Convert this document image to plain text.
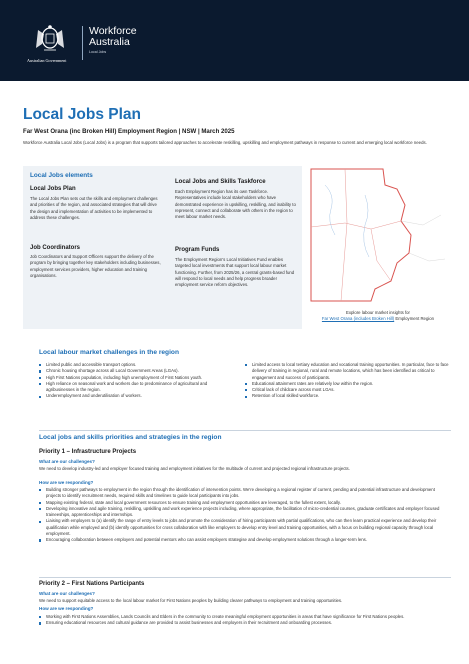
Australian Government
Workforce
Australia
Local Jobs
Local Jobs Plan
Far West Orana (inc Broken Hill) Employment Region | NSW | March 2025
Workforce Australia Local Jobs (Local Jobs) is a program that supports tailored approaches to accelerate reskilling, upskilling and employment pathways in response to current and emerging local workforce needs.
Local Jobs elements
Local Jobs Plan
The Local Jobs Plan sets out the skills and employment challenges and priorities of the region, and associated strategies that will drive the design and implementation of activities to be implemented to address these challenges.
Job Coordinators
Job Coordinators and Support Officers support the delivery of the program by bringing together key stakeholders including businesses, employment services providers, higher education and training organisations.
Local Jobs and Skills Taskforce
Each Employment Region has its own Taskforce. Representatives include local stakeholders who have demonstrated experience in upskilling, reskilling, and inability to represent, connect and collaborate with others in the region to meet labour market needs.
Program Funds
The Employment Region's Local Initiatives Fund enables targeted local investments that support local labour market functioning. Further, from 2025/26, a central grants-based fund will respond to local needs and help progress broader employment service reform objectives.
Explore labour market insights for
Far West Orana (includes Broken Hill) Employment Region
Local labour market challenges in the region
Limited public and accessible transport options.
Chronic housing shortage across all Local Government Areas (LGAs).
High First Nations population, including high unemployment of First Nations youth.
High reliance on seasonal work and workers due to predominance of agricultural and agribusinesses in the region.
Underemployment and underutilisation of workers.
Limited access to local tertiary education and vocational training opportunities. In particular, face to face delivery of training in regional, rural and remote locations, which has been identified as critical to engagement and success of participants.
Educational attainment rates are relatively low within the region.
Critical lack of childcare across most LGAs.
Retention of local skilled workforce.
Local jobs and skills priorities and strategies in the region
Priority 1 – Infrastructure Projects
What are our challenges?
We need to develop industry-led and employer focused training and employment initiatives for the multitude of current and projected regional infrastructure projects.
How are we responding?
Building stronger pathways to employment in the region through the identification of intervention points. We're developing a regional register of current, pending and potential infrastructure and development projects to identify recruitment needs, required skills and timelines to guide local participants into jobs.
Mapping existing federal, state and local government resources to ensure training and employment opportunities are leveraged, to the fullest extent, locally.
Developing innovative and agile training, reskilling, upskilling and work experience projects including, where appropriate, the facilitation of micro-credential courses, graduate certificates and employer focused traineeships, apprenticeships and internships.
Liaising with employers to (a) identify the range of entry levels to jobs and promote the consideration of hiring participants with partial qualifications, who can then learn practical experience and develop their qualification while employed and (b) identify opportunities for cross collaboration with like employers to develop entry level and training opportunities, with a focus on building regional capacity through local employment.
Encouraging collaboration between employers and potential mentors who can assist employers strategise and develop employment solutions through a longer-term lens.
Priority 2 – First Nations Participants
What are our challenges?
We need to support equitable access to the local labour market for First Nations peoples by building clearer pathways to employment and training opportunities.
How are we responding?
Working with First Nations Assemblies, Lands Councils and Elders in the community to create meaningful employment opportunities in areas that have significance for First Nations peoples.
Ensuring educational resources and cultural guidance are provided to assist businesses and employers in their recruitment and onboarding processes.
